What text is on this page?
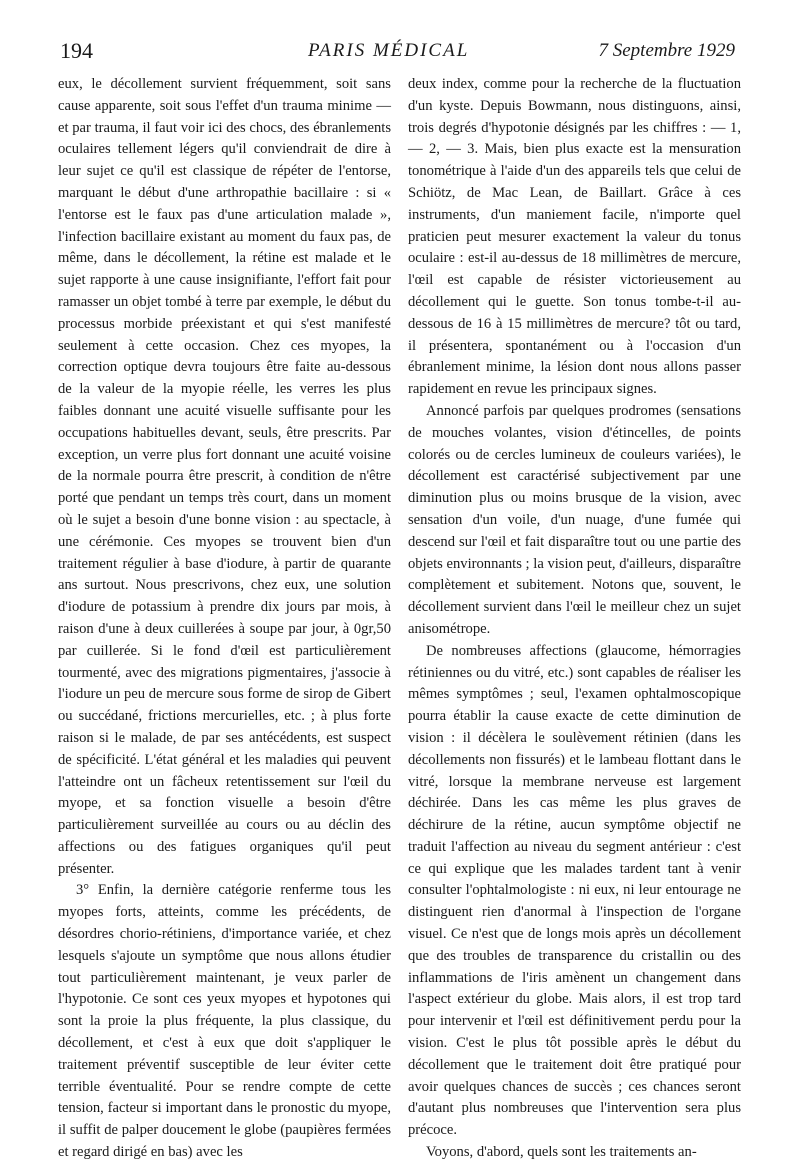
194	PARIS MÉDICAL	7 Septembre 1929

eux, le décollement survient fréquemment, soit sans cause apparente, soit sous l'effet d'un trauma minime — et par trauma, il faut voir ici des chocs, des ébranlements oculaires tellement légers qu'il conviendrait de dire à leur sujet ce qu'il est classique de répéter de l'entorse, marquant le début d'une arthropathie bacillaire : si « l'entorse est le faux pas d'une articulation malade », l'infection bacillaire existant au moment du faux pas, de même, dans le décollement, la rétine est malade et le sujet rapporte à une cause insignifiante, l'effort fait pour ramasser un objet tombé à terre par exemple, le début du processus morbide préexistant et qui s'est manifesté seulement à cette occasion. Chez ces myopes, la correction optique devra toujours être faite au-dessous de la valeur de la myopie réelle, les verres les plus faibles donnant une acuité visuelle suffisante pour les occupations habituelles devant, seuls, être prescrits. Par exception, un verre plus fort donnant une acuité voisine de la normale pourra être prescrit, à condition de n'être porté que pendant un temps très court, dans un moment où le sujet a besoin d'une bonne vision : au spectacle, à une cérémonie. Ces myopes se trouvent bien d'un traitement régulier à base d'iodure, à partir de quarante ans surtout. Nous prescrivons, chez eux, une solution d'iodure de potassium à prendre dix jours par mois, à raison d'une à deux cuillerées à soupe par jour, à 0gr,50 par cuillerée. Si le fond d'œil est particulièrement tourmenté, avec des migrations pigmentaires, j'associe à l'iodure un peu de mercure sous forme de sirop de Gibert ou succédané, frictions mercurielles, etc. ; à plus forte raison si le malade, de par ses antécédents, est suspect de spécificité. L'état général et les maladies qui peuvent l'atteindre ont un fâcheux retentissement sur l'œil du myope, et sa fonction visuelle a besoin d'être particulièrement surveillée au cours ou au déclin des affections ou des fatigues organiques qu'il peut présenter.

3° Enfin, la dernière catégorie renferme tous les myopes forts, atteints, comme les précédents, de désordres chorio-rétiniens, d'importance variée, et chez lesquels s'ajoute un symptôme que nous allons étudier tout particulièrement maintenant, je veux parler de l'hypotonie. Ce sont ces yeux myopes et hypotones qui sont la proie la plus fréquente, la plus classique, du décollement, et c'est à eux que doit s'appliquer le traitement préventif susceptible de leur éviter cette terrible éventualité. Pour se rendre compte de cette tension, facteur si important dans le pronostic du myope, il suffit de palper doucement le globe (paupières fermées et regard dirigé en bas) avec les

deux index, comme pour la recherche de la fluctuation d'un kyste. Depuis Bowmann, nous distinguons, ainsi, trois degrés d'hypotonie désignés par les chiffres : — 1, — 2, — 3. Mais, bien plus exacte est la mensuration tonométrique à l'aide d'un des appareils tels que celui de Schiötz, de Mac Lean, de Baillart. Grâce à ces instruments, d'un maniement facile, n'importe quel praticien peut mesurer exactement la valeur du tonus oculaire : est-il au-dessus de 18 millimètres de mercure, l'œil est capable de résister victorieusement au décollement qui le guette. Son tonus tombe-t-il au-dessous de 16 à 15 millimètres de mercure? tôt ou tard, il présentera, spontanément ou à l'occasion d'un ébranlement minime, la lésion dont nous allons passer rapidement en revue les principaux signes.

Annoncé parfois par quelques prodromes (sensations de mouches volantes, vision d'étincelles, de points colorés ou de cercles lumineux de couleurs variées), le décollement est caractérisé subjectivement par une diminution plus ou moins brusque de la vision, avec sensation d'un voile, d'un nuage, d'une fumée qui descend sur l'œil et fait disparaître tout ou une partie des objets environnants ; la vision peut, d'ailleurs, disparaître complètement et subitement. Notons que, souvent, le décollement survient dans l'œil le meilleur chez un sujet anisométrope.

De nombreuses affections (glaucome, hémorragies rétiniennes ou du vitré, etc.) sont capables de réaliser les mêmes symptômes ; seul, l'examen ophtalmoscopique pourra établir la cause exacte de cette diminution de vision : il décèlera le soulèvement rétinien (dans les décollements non fissurés) et le lambeau flottant dans le vitré, lorsque la membrane nerveuse est largement déchirée. Dans les cas même les plus graves de déchirure de la rétine, aucun symptôme objectif ne traduit l'affection au niveau du segment antérieur : c'est ce qui explique que les malades tardent tant à venir consulter l'ophtalmologiste : ni eux, ni leur entourage ne distinguent rien d'anormal à l'inspection de l'organe visuel. Ce n'est que de longs mois après un décollement que des troubles de transparence du cristallin ou des inflammations de l'iris amènent un changement dans l'aspect extérieur du globe. Mais alors, il est trop tard pour intervenir et l'œil est définitivement perdu pour la vision. C'est le plus tôt possible après le début du décollement que le traitement doit être pratiqué pour avoir quelques chances de succès ; ces chances seront d'autant plus nombreuses que l'intervention sera plus précoce.

Voyons, d'abord, quels sont les traitements an-
